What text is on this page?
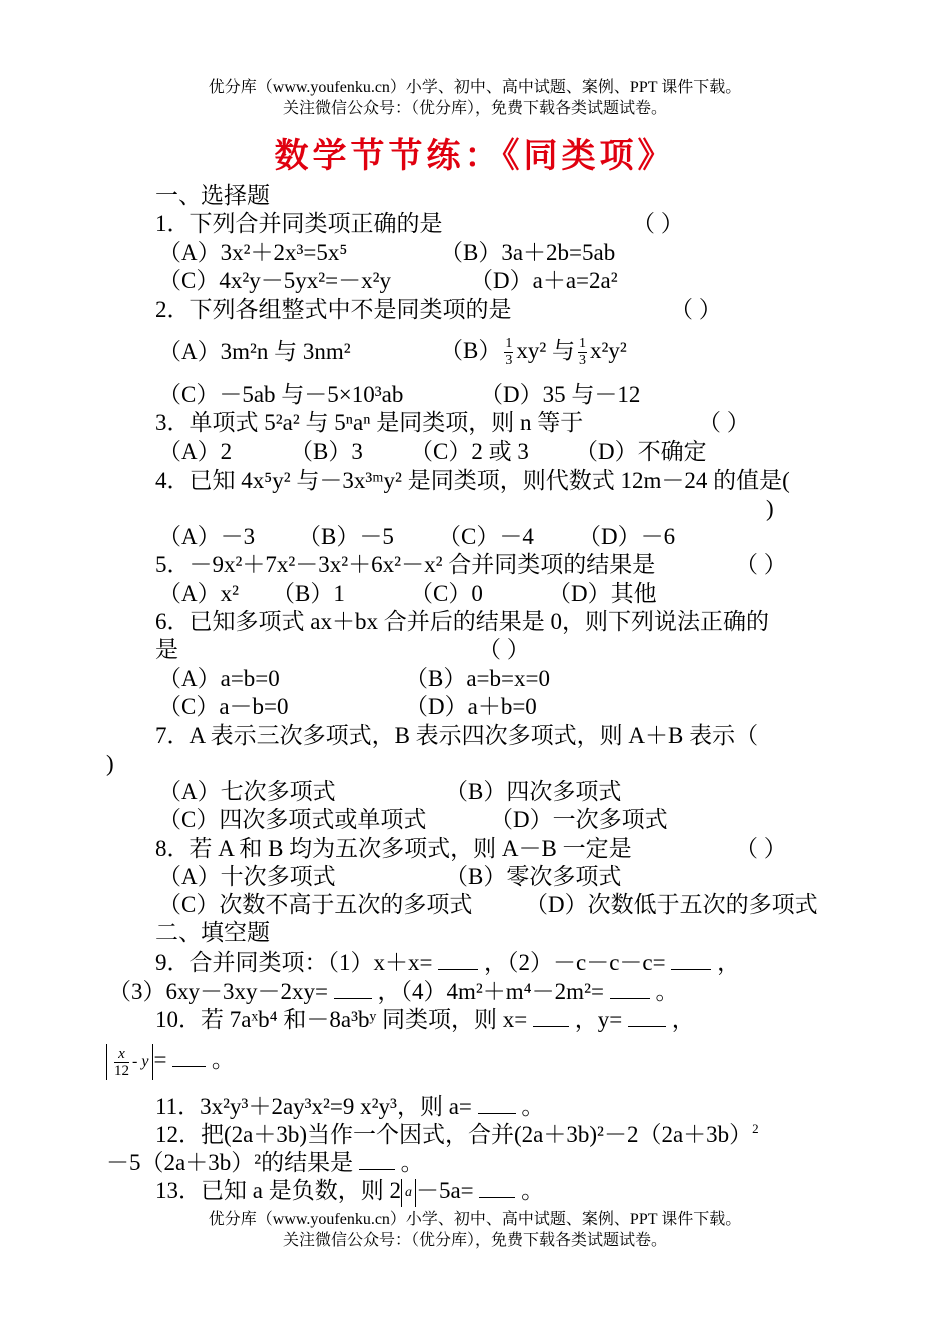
优分库（www.youfenku.cn）小学、初中、高中试题、案例、PPT 课件下载。
关注微信公众号：（优分库），免费下载各类试题试卷。
数学节节练：《同类项》
一、选择题
1．下列合并同类项正确的是	（ ）
（A）3x²＋2x³=5x⁵	（B）3a＋2b=5ab
（C）4x²y－5yx²=－x²y	（D）a＋a=2a²
2．下列各组整式中不是同类项的是	（ ）
（A）3m²n 与 3nm²	$(B) \frac{1}{3} xy^2$ 与 $\frac{1}{3} x^2y^2$
（C）－5ab 与－5×10³ab	（D）35 与－12
3．单项式 5²a² 与 5ⁿaⁿ 是同类项，则 n 等于	（ ）
（A）2	（B）3 （C）2 或 3 （D）不确定
4．已知 4x⁵y² 与－3x³ᵐy² 是同类项，则代数式 12m－24 的值是(
)
（A）－3 （B）－5 （C）－4 （D）－6
5．－9x²＋7x²－3x²＋6x²－x² 合并同类项的结果是	（ ）
（A）x² （B）1	（C）0	（D）其他
6．已知多项式 ax＋bx 合并后的结果是 0，则下列说法正确的
是	（ ）
（A）a=b=0	（B）a=b=x=0
（C）a－b=0	（D）a＋b=0
7．A 表示三次多项式，B 表示四次多项式，则 A＋B 表示（
)
（A）七次多项式	（B）四次多项式
（C）四次多项式或单项式	（D）一次多项式
8．若 A 和 B 均为五次多项式，则 A－B 一定是	（ ）
（A）十次多项式	（B）零次多项式
（C）次数不高于五次的多项式 （D）次数低于五次的多项式
二、填空题
9．合并同类项：（1）x＋x= ，（2）－c－c－c= ，
（3）6xy－3xy－2xy= ，（4）4m²＋m⁴－2m²= 。
10．若 7aˣb⁴ 和－8a³bʸ 同类项，则 x= ，y= ，
$\frac{x}{12}$ - y = 。
11．3x²y³＋2ay³x²=9 x²y³，则 a= 。
12．把(2a＋3b)当作一个因式，合并$(2a+3b)^2-2(2a+3b)^2$
－5（2a＋3b）²的结果是 。
13．已知 a 是负数，则 2 a －5a= 。
优分库（www.youfenku.cn）小学、初中、高中试题、案例、PPT 课件下载。
关注微信公众号：（优分库），免费下载各类试题试卷。
